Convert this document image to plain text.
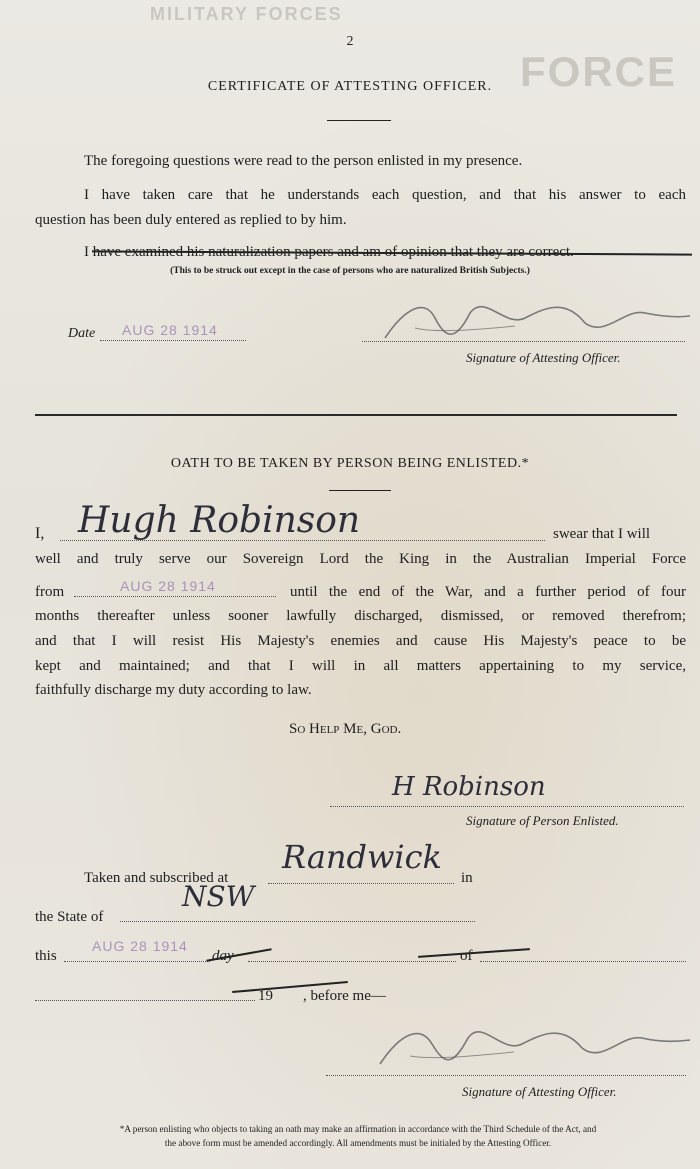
MILITARY FORCES
FORCE
2
CERTIFICATE OF ATTESTING OFFICER.
The foregoing questions were read to the person enlisted in my presence.
I have taken care that he understands each question, and that his answer to each
question has been duly entered as replied to by him.
I have examined his naturalization papers and am of opinion that they are correct.
(This to be struck out except in the case of persons who are naturalized British Subjects.)
Date AUG 28 1914
Signature of Attesting Officer.
OATH TO BE TAKEN BY PERSON BEING ENLISTED.*
I, Hugh Robinson	swear that I will
well and truly serve our Sovereign Lord the King in the Australian Imperial Force
from	AUG 28 1914	until the end of the War, and a further period of four
months thereafter unless sooner lawfully discharged, dismissed, or removed therefrom;
and that I will resist His Majesty's enemies and cause His Majesty's peace to be
kept and maintained; and that I will in all matters appertaining to my service,
faithfully discharge my duty according to law.
So Help Me, God.
H Robinson
Signature of Person Enlisted.
Taken and subscribed at
Randwick
in
the State of
NSW
this
AUG 28 1914
day	of
19 , before me—
Signature of Attesting Officer.
*A person enlisting who objects to taking an oath may make an affirmation in accordance with the Third Schedule of the Act, and
the above form must be amended accordingly. All amendments must be initialed by the Attesting Officer.
